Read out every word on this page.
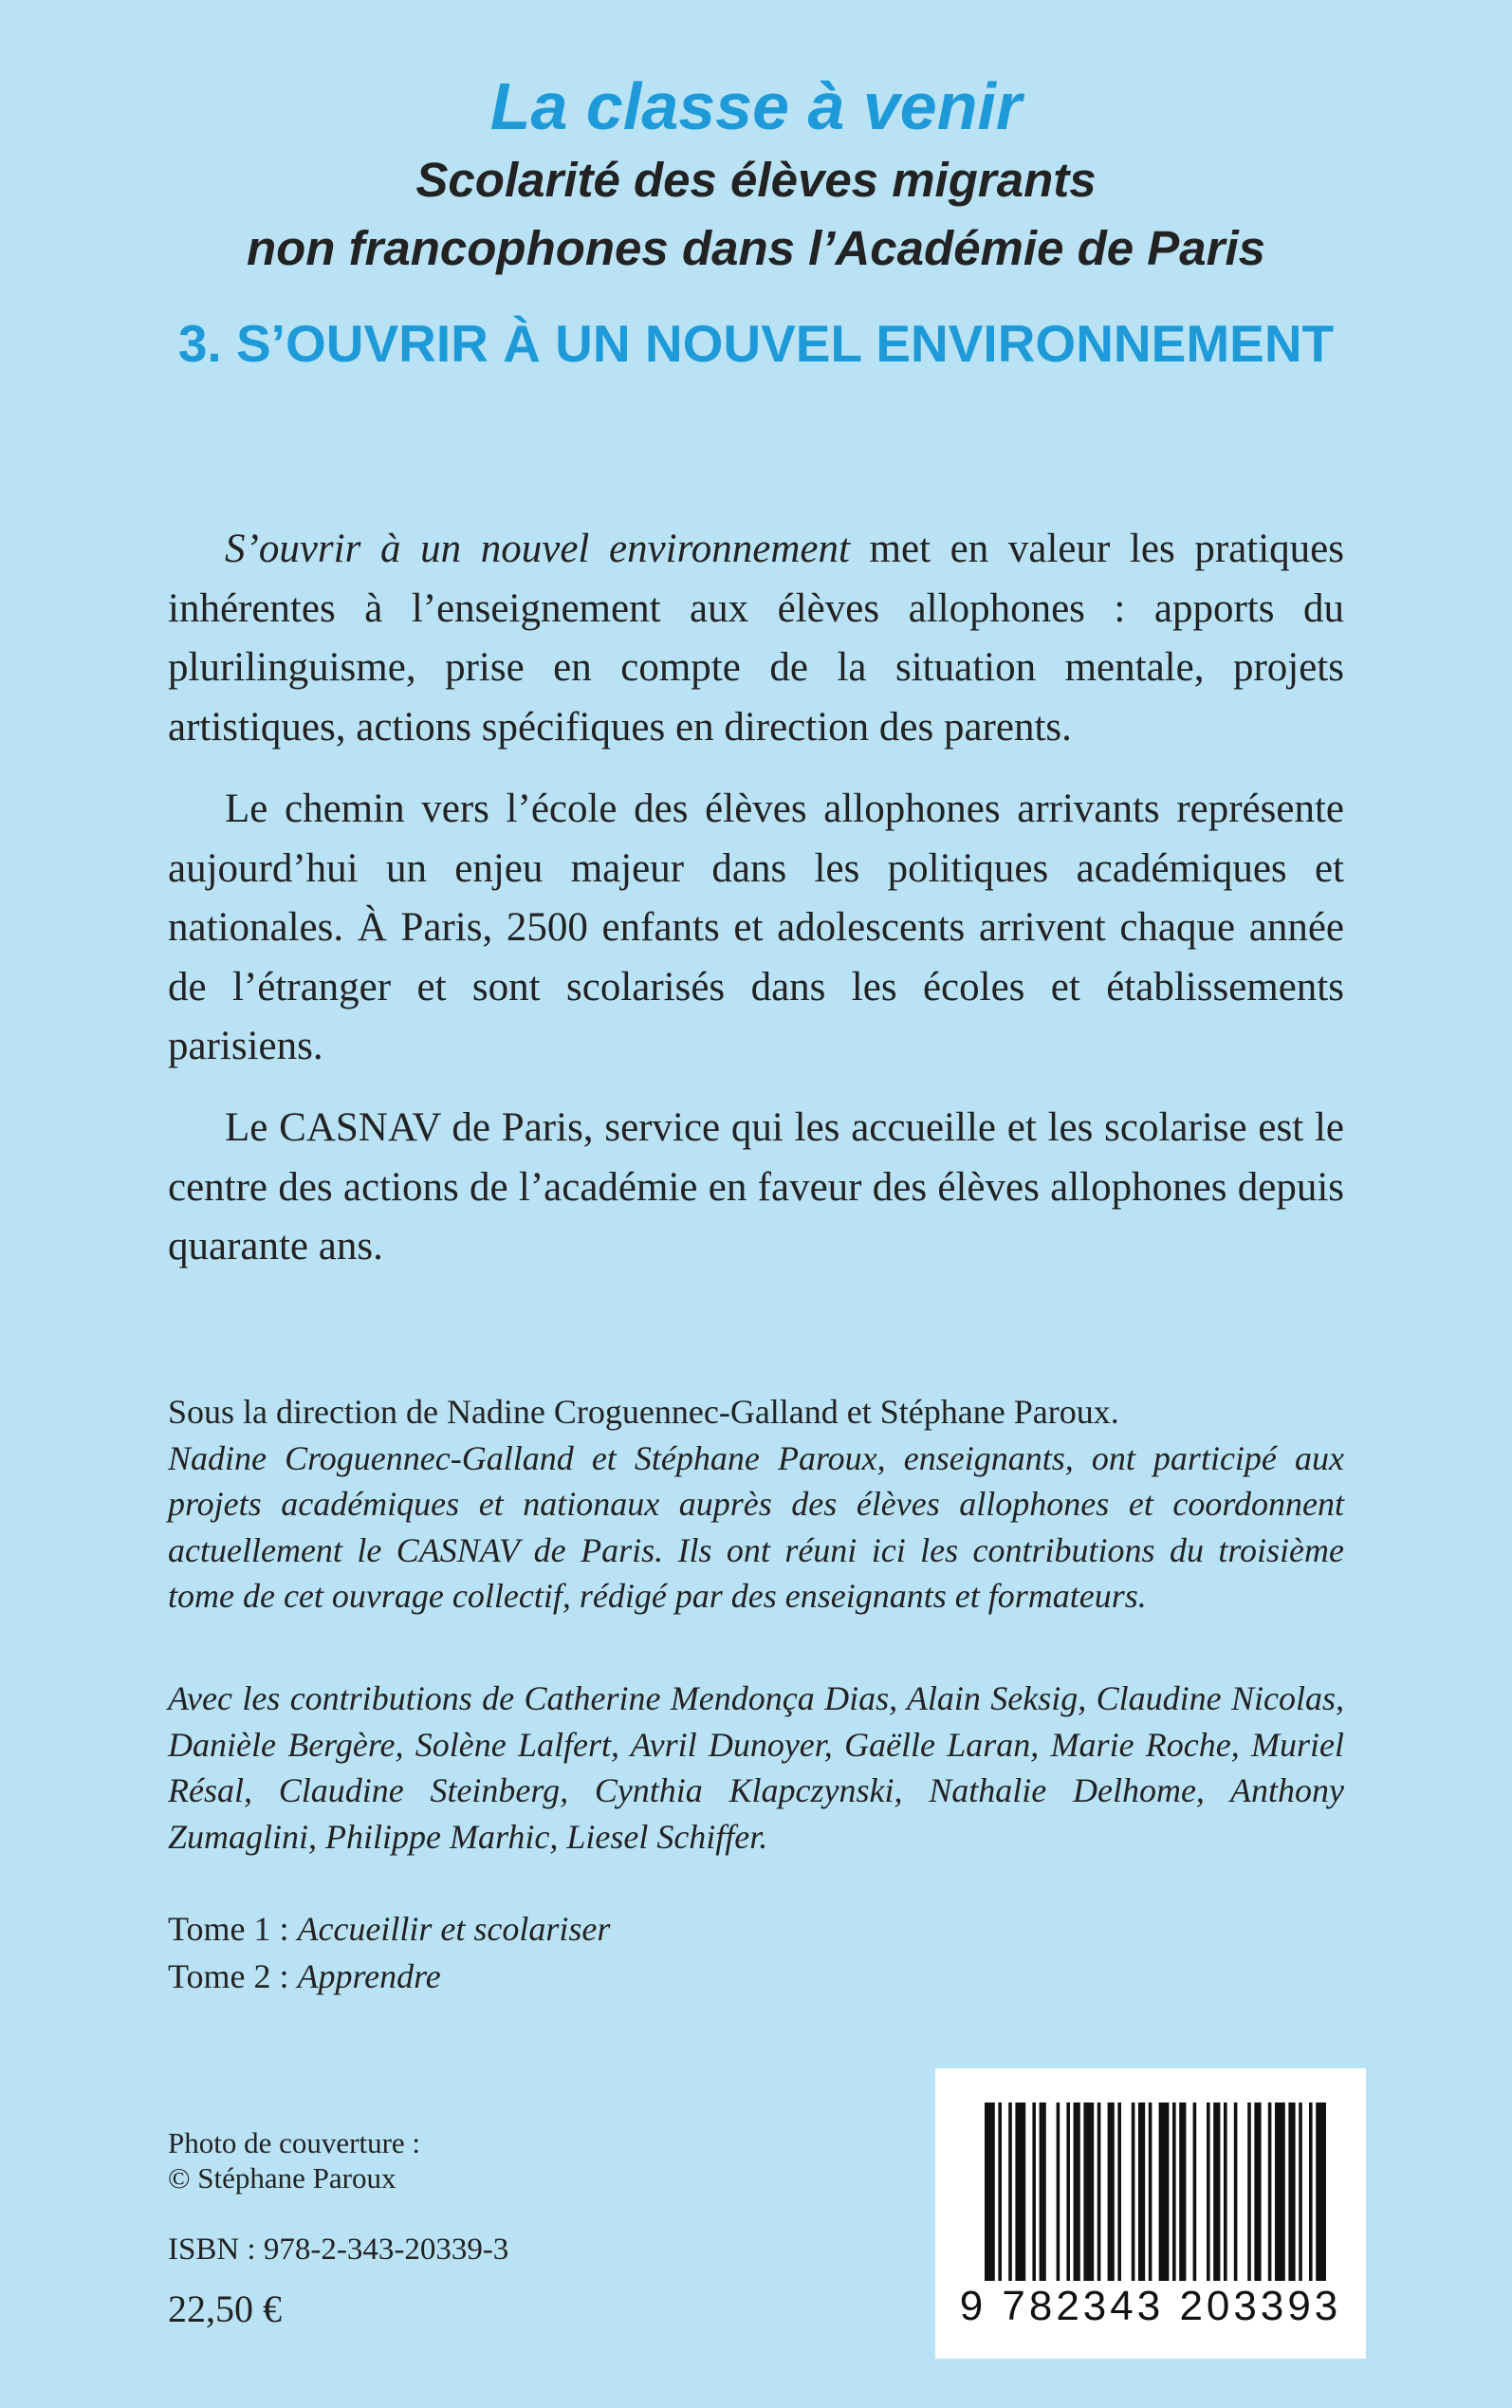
La classe à venir
Scolarité des élèves migrants
non francophones dans l’Académie de Paris
3. S’OUVRIR À UN NOUVEL ENVIRONNEMENT

S’ouvrir à un nouvel environnement met en valeur les pratiques inhérentes à l’enseignement aux élèves allophones : apports du plurilinguisme, prise en compte de la situation mentale, projets artistiques, actions spécifiques en direction des parents.

Le chemin vers l’école des élèves allophones arrivants représente aujourd’hui un enjeu majeur dans les politiques académiques et nationales. À Paris, 2500 enfants et adolescents arrivent chaque année de l’étranger et sont scolarisés dans les écoles et établissements parisiens.

Le CASNAV de Paris, service qui les accueille et les scolarise est le centre des actions de l’académie en faveur des élèves allophones depuis quarante ans.

Sous la direction de Nadine Croguennec-Galland et Stéphane Paroux.

Nadine Croguennec-Galland et Stéphane Paroux, enseignants, ont participé aux projets académiques et nationaux auprès des élèves allophones et coordonnent actuellement le CASNAV de Paris. Ils ont réuni ici les contributions du troisième tome de cet ouvrage collectif, rédigé par des enseignants et formateurs.

Avec les contributions de Catherine Mendonça Dias, Alain Seksig, Claudine Nicolas, Danièle Bergère, Solène Lalfert, Avril Dunoyer, Gaëlle Laran, Marie Roche, Muriel Résal, Claudine Steinberg, Cynthia Klapczynski, Nathalie Delhome, Anthony Zumaglini, Philippe Marhic, Liesel Schiffer.

Tome 1 : Accueillir et scolariser
Tome 2 : Apprendre
Photo de couverture :
© Stéphane Paroux
ISBN : 978-2-343-20339-3
22,50 €	9 782343 203393
